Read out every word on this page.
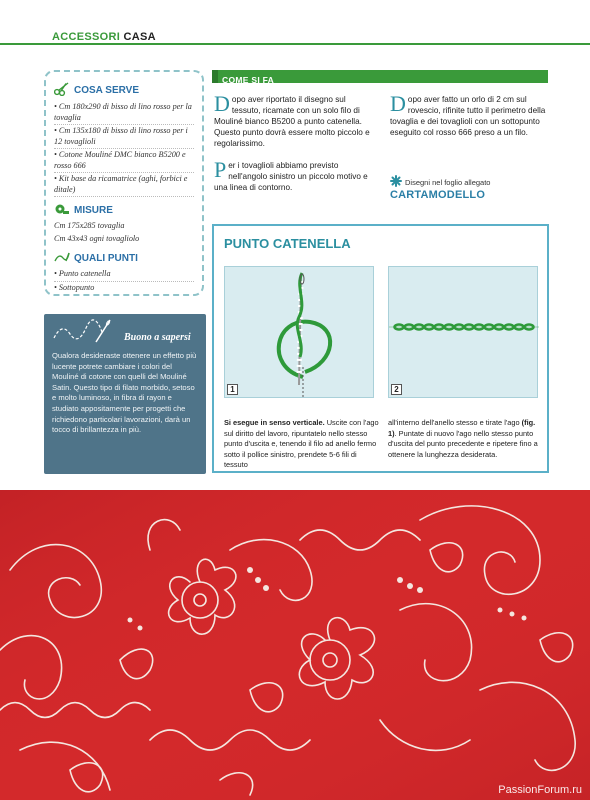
ACCESSORI CASA
COSA SERVE
• Cm 180x290 di bisso di lino rosso per la tovaglia
• Cm 135x180 di bisso di lino rosso per i 12 tovaglioli
• Cotone Mouliné DMC bianco B5200 e rosso 666
• Kit base da ricamatrice (aghi, forbici e ditale)
MISURE
Cm 175x285 tovaglia
Cm 43x43 ogni tovagliolo
QUALI PUNTI
• Punto catenella
• Sottopunto
Buono a sapersi
Qualora desideraste ottenere un effetto più lucente potrete cambiare i colori del Mouliné di cotone con quelli del Mouliné Satin. Questo tipo di filato morbido, setoso e molto luminoso, in fibra di rayon e studiato appositamente per progetti che richiedono particolari lavorazioni, darà un tocco di brillantezza in più.
COME SI FA

D opo aver riportato il disegno sul tessuto, ricamate con un solo filo di Mouliné bianco B5200 a punto catenella. Questo punto dovrà essere molto piccolo e regolarissimo.

P er i tovaglioli abbiamo previsto nell'angolo sinistro un piccolo motivo e una linea di contorno.

D opo aver fatto un orlo di 2 cm sul rovescio, rifinite tutto il perimetro della tovaglia e dei tovaglioli con un sottopunto eseguito col rosso 666 preso a un filo.

Disegni nel foglio allegato
CARTAMODELLO
PUNTO CATENELLA
1	2
Si esegue in senso verticale. Uscite con l'ago sul diritto del lavoro, ripuntatelo nello stesso punto d'uscita e, tenendo il filo ad anello fermo sotto il pollice sinistro, prendete 5-6 fili di tessuto
all'interno dell'anello stesso e tirate l'ago (fig. 1). Puntate di nuovo l'ago nello stesso punto d'uscita del punto precedente e ripetere fino a ottenere la lunghezza desiderata.
PassionForum.ru
